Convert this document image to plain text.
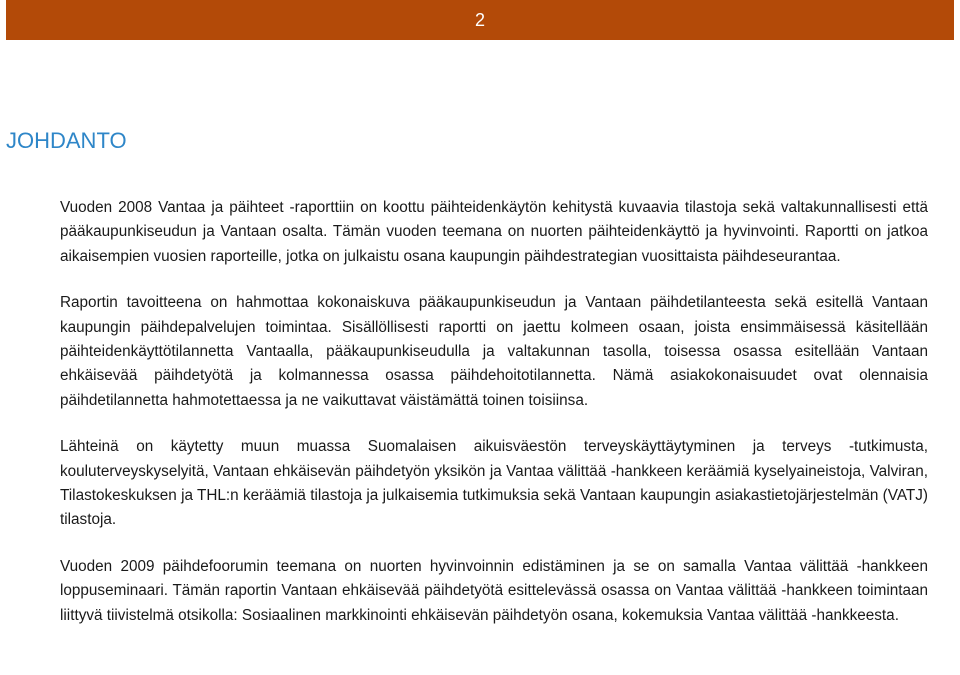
2
JOHDANTO

Vuoden 2008 Vantaa ja päihteet -raporttiin on koottu päihteidenkäytön kehitystä kuvaavia tilastoja sekä valtakunnallisesti että pääkaupunkiseudun ja Vantaan osalta. Tämän vuoden teemana on nuorten päihteidenkäyttö ja hyvinvointi. Raportti on jatkoa aikaisempien vuosien raporteille, jotka on julkaistu osana kaupungin päihdestrategian vuosittaista päihdeseurantaa.

Raportin tavoitteena on hahmottaa kokonaiskuva pääkaupunkiseudun ja Vantaan päihdetilanteesta sekä esitellä Vantaan kaupungin päihdepalvelujen toimintaa. Sisällöllisesti raportti on jaettu kolmeen osaan, joista ensimmäisessä käsitellään päihteidenkäyttötilannetta Vantaalla, pääkaupunkiseudulla ja valtakunnan tasolla, toisessa osassa esitellään Vantaan ehkäisevää päihdetyötä ja kolmannessa osassa päihdehoitotilannetta. Nämä asiakokonaisuudet ovat olennaisia päihdetilannetta hahmotettaessa ja ne vaikuttavat väistämättä toinen toisiinsa.

Lähteinä on käytetty muun muassa Suomalaisen aikuisväestön terveyskäyttäytyminen ja terveys -tutkimusta, kouluterveyskyselyitä, Vantaan ehkäisevän päihdetyön yksikön ja Vantaa välittää -hankkeen keräämiä kyselyaineistoja, Valviran, Tilastokeskuksen ja THL:n keräämiä tilastoja ja julkaisemia tutkimuksia sekä Vantaan kaupungin asiakastietojärjestelmän (VATJ) tilastoja.

Vuoden 2009 päihdefoorumin teemana on nuorten hyvinvoinnin edistäminen ja se on samalla Vantaa välittää -hankkeen loppuseminaari. Tämän raportin Vantaan ehkäisevää päihdetyötä esittelevässä osassa on Vantaa välittää -hankkeen toimintaan liittyvä tiivistelmä otsikolla: Sosiaalinen markkinointi ehkäisevän päihdetyön osana, kokemuksia Vantaa välittää -hankkeesta.
